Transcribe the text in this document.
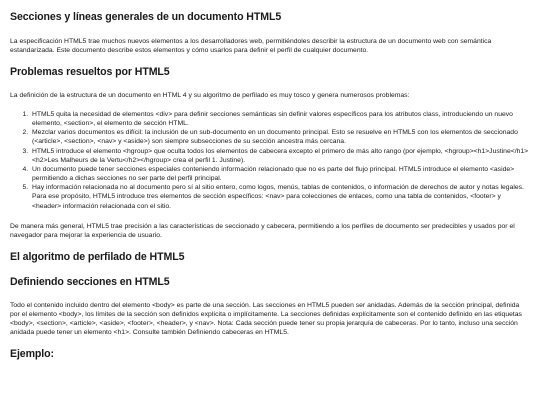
Secciones y líneas generales de un documento HTML5

La especificación HTML5 trae muchos nuevos elementos a los desarrolladores web, permitiéndoles describir la estructura de un documento web con semántica estandarizada. Este documento describe estos elementos y cómo usarlos para definir el perfil de cualquier documento.

Problemas resueltos por HTML5

La definición de la estructura de un documento en HTML 4 y su algoritmo de perfilado es muy tosco y genera numerosos problemas:

1. HTML5 quita la necesidad de elementos <div> para definir secciones semánticas sin definir valores específicos para los atributos class, introduciendo un nuevo elemento, <section>, el elemento de sección HTML.
2. Mezclar varios documentos es difícil: la inclusión de un sub-documento en un documento principal. Esto se resuelve en HTML5 con los elementos de seccionado (<article>, <section>, <nav> y <aside>) son siempre subsecciones de su sección ancestra más cercana.
3. HTML5 introduce el elemento <hgroup> que oculta todos los elementos de cabecera excepto el primero de más alto rango (por ejemplo, <hgroup><h1>Justine</h1><h2>Les Malheurs de la Vertu</h2></hgroup> crea el perfil 1. Justine).
4. Un documento puede tener secciones especiales conteniendo información relacionado que no es parte del flujo principal. HTML5 introduce el elemento <aside> permitiendo a dichas secciones no ser parte del perfil principal.
5. Hay información relacionada no al documento pero sí al sitio entero, como logos, menús, tablas de contenidos, o información de derechos de autor y notas legales. Para ese propósito, HTML5 introduce tres elementos de sección específicos: <nav> para colecciones de enlaces, como una tabla de contenidos, <footer> y <header> información relacionada con el sitio.

De manera más general, HTML5 trae precisión a las características de seccionado y cabecera, permitiendo a los perfiles de documento ser predecibles y usados por el navegador para mejorar la experiencia de usuario.

El algoritmo de perfilado de HTML5
Definiendo secciones en HTML5

Todo el contenido incluido dentro del elemento <body> es parte de una sección. Las secciones en HTML5 pueden ser anidadas. Además de la sección principal, definida por el elemento <body>, los límites de la sección son definidos explícita o implícitamente. La secciones definidas explícitamente son el contenido definido en las etiquetas <body>, <section>, <article>, <aside>, <footer>, <header>, y <nav>. Nota: Cada sección puede tener su propia jerarquía de cabeceras. Por lo tanto, incluso una sección anidada puede tener un elemento <h1>. Consulte también Definiendo cabeceras en HTML5.

Ejemplo:
